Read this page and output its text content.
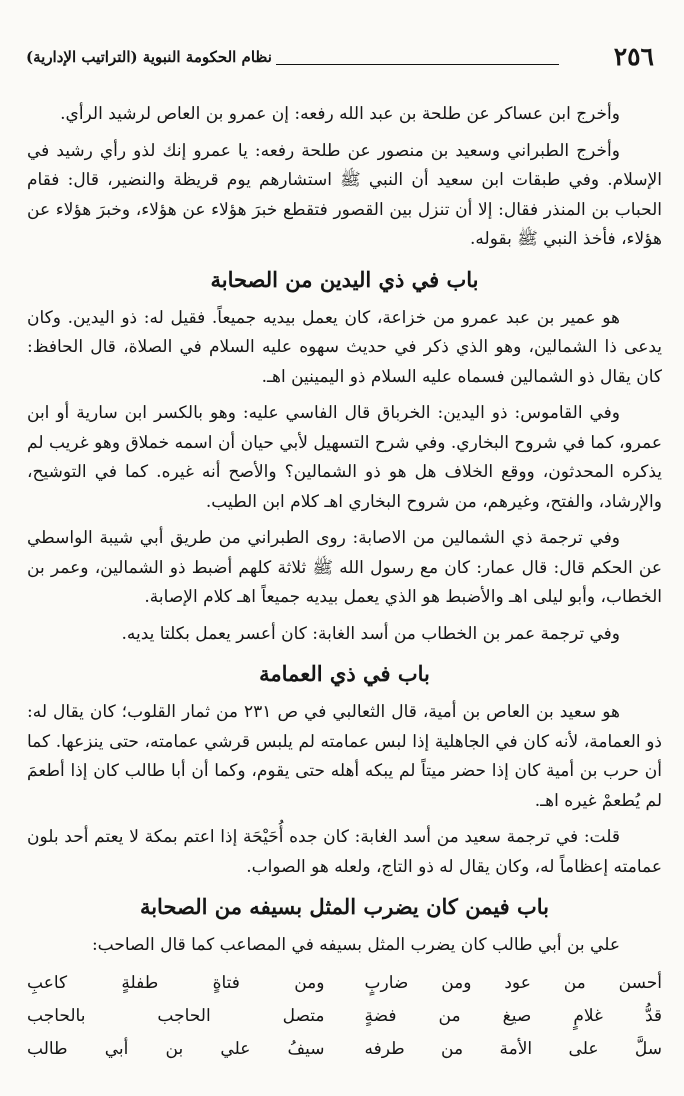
٢٥٦
نظام الحكومة النبوية (التراتيب الإدارية)

وأخرج ابن عساكر عن طلحة بن عبد الله رفعه: إن عمرو بن العاص لرشيد الرأي.

وأخرج الطبراني وسعيد بن منصور عن طلحة رفعه: يا عمرو إنك لذو رأي رشيد في الإسلام. وفي طبقات ابن سعيد أن النبي ﷺ استشارهم يوم قريظة والنضير، قال: فقام الحباب بن المنذر فقال: إلا أن تنزل بين القصور فتقطع خبرَ هؤلاء عن هؤلاء، وخبرَ هؤلاء عن هؤلاء، فأخذ النبي ﷺ بقوله.

باب في ذي اليدين من الصحابة

هو عمير بن عبد عمرو من خزاعة، كان يعمل بيديه جميعاً. فقيل له: ذو اليدين. وكان يدعى ذا الشمالين، وهو الذي ذكر في حديث سهوه عليه السلام في الصلاة، قال الحافظ: كان يقال ذو الشمالين فسماه عليه السلام ذو اليمينين اهـ.

وفي القاموس: ذو اليدين: الخرباق قال الفاسي عليه: وهو بالكسر ابن سارية أو ابن عمرو، كما في شروح البخاري. وفي شرح التسهيل لأبي حيان أن اسمه خملاق وهو غريب لم يذكره المحدثون، ووقع الخلاف هل هو ذو الشمالين؟ والأصح أنه غيره. كما في التوشيح، والإرشاد، والفتح، وغيرهم، من شروح البخاري اهـ كلام ابن الطيب.

وفي ترجمة ذي الشمالين من الاصابة: روى الطبراني من طريق أبي شيبة الواسطي عن الحكم قال: قال عمار: كان مع رسول الله ﷺ ثلاثة كلهم أضبط ذو الشمالين، وعمر بن الخطاب، وأبو ليلى اهـ والأضبط هو الذي يعمل بيديه جميعاً اهـ كلام الإصابة.

وفي ترجمة عمر بن الخطاب من أسد الغابة: كان أعسر يعمل بكلتا يديه.

باب في ذي العمامة

هو سعيد بن العاص بن أمية، قال الثعالبي في ص ٢٣١ من ثمار القلوب؛ كان يقال له: ذو العمامة، لأنه كان في الجاهلية إذا لبس عمامته لم يلبس قرشي عمامته، حتى ينزعها. كما أن حرب بن أمية كان إذا حضر ميتاً لم يبكه أهله حتى يقوم، وكما أن أبا طالب كان إذا أطعمَ لم يُطعمْ غيره اهـ.

قلت: في ترجمة سعيد من أسد الغابة: كان جده أُحَيْحَة إذا اعتم بمكة لا يعتم أحد بلون عمامته إعظاماً له، وكان يقال له ذو التاج، ولعله هو الصواب.

باب فيمن كان يضرب المثل بسيفه من الصحابة

علي بن أبي طالب كان يضرب المثل بسيفه في المصاعب كما قال الصاحب:

أحسن من عود ومن ضاربٍ
ومن فتاةٍ طفلةٍ كاعبِ
قدُّ غلامٍ صيغ من فضةٍ
متصل الحاجب بالحاجب
سلَّ على الأمة من طرفه
سيفُ علي بن أبي طالب
